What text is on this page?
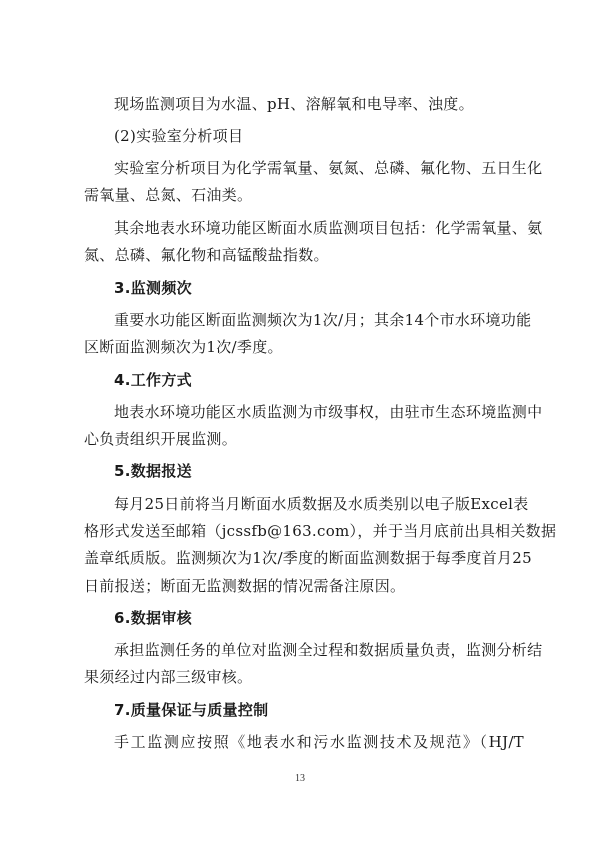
现场监测项目为水温、pH、溶解氧和电导率、浊度。
(2)实验室分析项目
实验室分析项目为化学需氧量、氨氮、总磷、氟化物、五日生化
需氧量、总氮、石油类。
其余地表水环境功能区断面水质监测项目包括：化学需氧量、氨
氮、总磷、氟化物和高锰酸盐指数。
3.监测频次
重要水功能区断面监测频次为1次/月；其余14个市水环境功能
区断面监测频次为1次/季度。
4.工作方式
地表水环境功能区水质监测为市级事权，由驻市生态环境监测中
心负责组织开展监测。
5.数据报送
每月25日前将当月断面水质数据及水质类别以电子版Excel表
格形式发送至邮箱（jcssfb@163.com），并于当月底前出具相关数据
盖章纸质版。监测频次为1次/季度的断面监测数据于每季度首月25
日前报送；断面无监测数据的情况需备注原因。
6.数据审核
承担监测任务的单位对监测全过程和数据质量负责，监测分析结
果须经过内部三级审核。
7.质量保证与质量控制
手工监测应按照《地表水和污水监测技术及规范》（HJ/T
13
